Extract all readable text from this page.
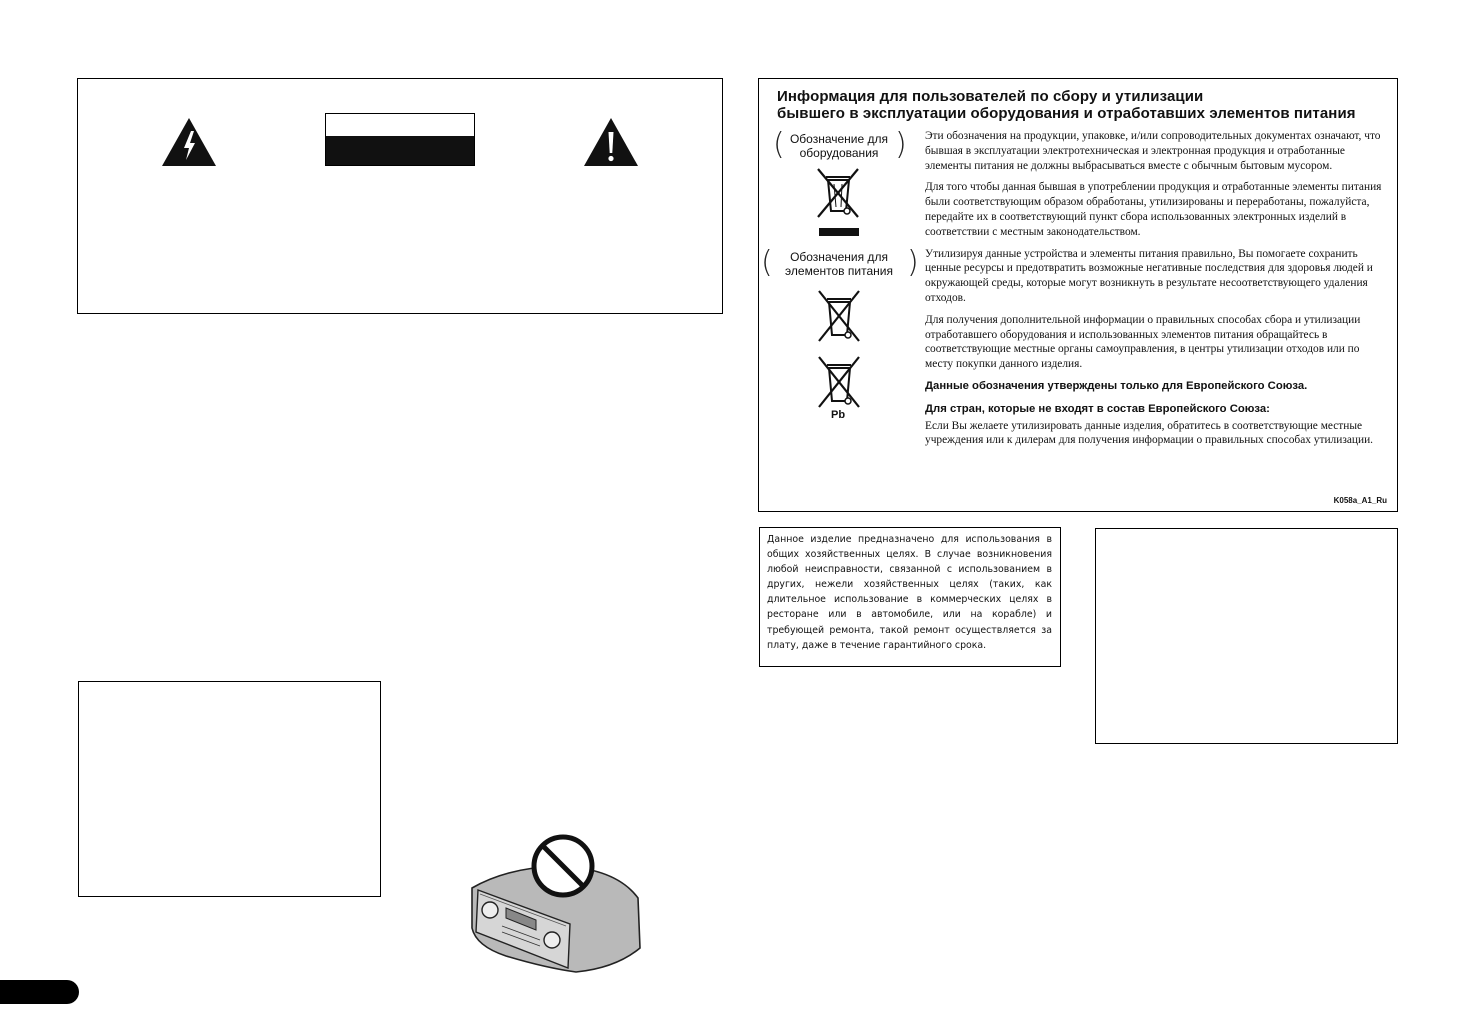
Информация для пользователей по сбору и утилизации
бывшего в эксплуатации оборудования и отработавших элементов питания
( Обозначение для оборудования )
(	Обозначения для элементов питания )
Pb

Эти обозначения на продукции, упаковке, и/или сопроводительных документах означают, что бывшая в эксплуатации электротехническая и электронная продукция и отработанные элементы питания не должны выбрасываться вместе с обычным бытовым мусором.

Для того чтобы данная бывшая в употреблении продукция и отработанные элементы питания были соответствующим образом обработаны, утилизированы и переработаны, пожалуйста, передайте их в соответствующий пункт сбора использованных электронных изделий в соответствии с местным законодательством.

Утилизируя данные устройства и элементы питания правильно, Вы помогаете сохранить ценные ресурсы и предотвратить возможные негативные последствия для здоровья людей и окружающей среды, которые могут возникнуть в результате несоответствующего удаления отходов.

Для получения дополнительной информации о правильных способах сбора и утилизации отработавшего оборудования и использованных элементов питания обращайтесь в соответствующие местные органы самоуправления, в центры утилизации отходов или по месту покупки данного изделия.

Данные обозначения утверждены только для Европейского Союза.

Для стран, которые не входят в состав Европейского Союза:

Если Вы желаете утилизировать данные изделия, обратитесь в соответствующие местные учреждения или к дилерам для получения информации о правильных способах утилизации.

K058a_A1_Ru
Данное изделие предназначено для использования в общих хозяйственных целях. В случае возникновения любой неисправности, связанной с использованием в других, нежели хозяйственных целях (таких, как длительное использование в коммерческих целях в ресторане или в автомобиле, или на корабле) и требующей ремонта, такой ремонт осуществляется за плату, даже в течение гарантийного срока.
